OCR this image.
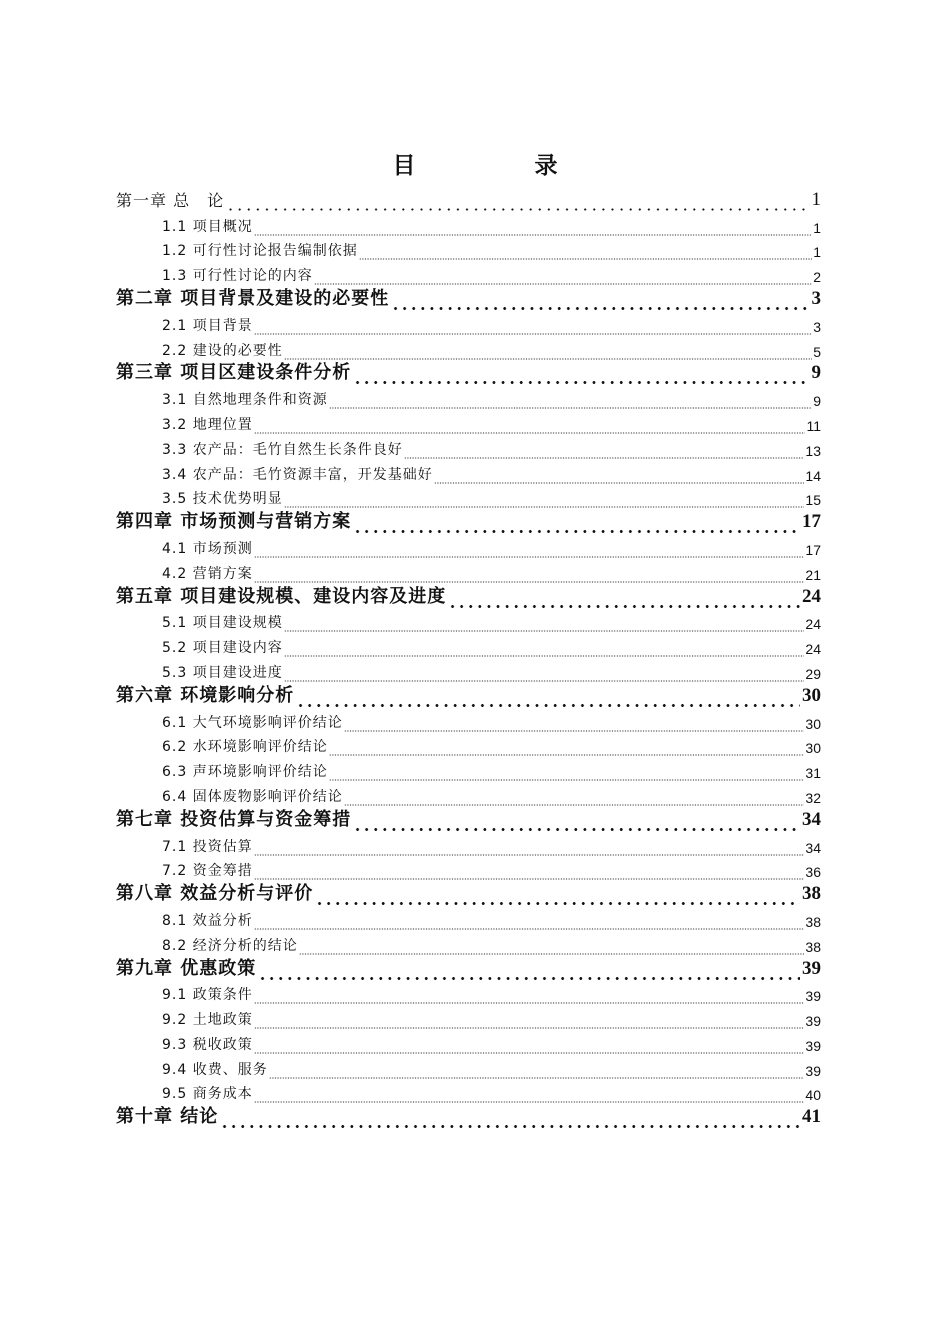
目　录
第一章 总　论	1
1.1 项目概况	1
1.2 可行性讨论报告编制依据	1
1.3 可行性讨论的内容	2
第二章 项目背景及建设的必要性	3
2.1 项目背景	3
2.2 建设的必要性	5
第三章 项目区建设条件分析	9
3.1 自然地理条件和资源	9
3.2 地理位置	11
3.3 农产品：毛竹自然生长条件良好	13
3.4 农产品：毛竹资源丰富，开发基础好	14
3.5 技术优势明显	15
第四章 市场预测与营销方案	17
4.1 市场预测	17
4.2 营销方案	21
第五章 项目建设规模、建设内容及进度	24
5.1 项目建设规模	24
5.2 项目建设内容	24
5.3 项目建设进度	29
第六章 环境影响分析	30
6.1 大气环境影响评价结论	30
6.2 水环境影响评价结论	30
6.3 声环境影响评价结论	31
6.4 固体废物影响评价结论	32
第七章 投资估算与资金筹措	34
7.1 投资估算	34
7.2 资金筹措	36
第八章 效益分析与评价	38
8.1 效益分析	38
8.2 经济分析的结论	38
第九章 优惠政策	39
9.1 政策条件	39
9.2 土地政策	39
9.3 税收政策	39
9.4 收费、服务	39
9.5 商务成本	40
第十章 结论	41
